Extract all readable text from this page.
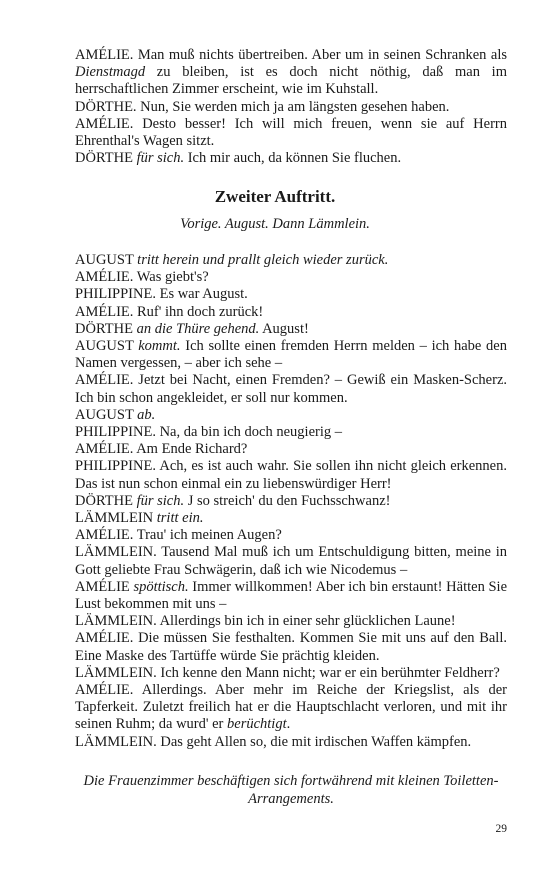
AMÉLIE. Man muß nichts übertreiben. Aber um in seinen Schranken als Dienstmagd zu bleiben, ist es doch nicht nöthig, daß man im herrschaftlichen Zimmer erscheint, wie im Kuhstall.

DÖRTHE. Nun, Sie werden mich ja am längsten gesehen haben.

AMÉLIE. Desto besser! Ich will mich freuen, wenn sie auf Herrn Ehrenthal's Wagen sitzt.

DÖRTHE für sich. Ich mir auch, da können Sie fluchen.

Zweiter Auftritt.

Vorige. August. Dann Lämmlein.

AUGUST tritt herein und prallt gleich wieder zurück.

AMÉLIE. Was giebt's?

PHILIPPINE. Es war August.

AMÉLIE. Ruf' ihn doch zurück!

DÖRTHE an die Thüre gehend. August!

AUGUST kommt. Ich sollte einen fremden Herrn melden – ich habe den Namen vergessen, – aber ich sehe –

AMÉLIE. Jetzt bei Nacht, einen Fremden? – Gewiß ein Masken-Scherz. Ich bin schon angekleidet, er soll nur kommen.

AUGUST ab.

PHILIPPINE. Na, da bin ich doch neugierig –

AMÉLIE. Am Ende Richard?

PHILIPPINE. Ach, es ist auch wahr. Sie sollen ihn nicht gleich erkennen. Das ist nun schon einmal ein zu liebenswürdiger Herr!

DÖRTHE für sich. J so streich' du den Fuchsschwanz!

LÄMMLEIN tritt ein.

AMÉLIE. Trau' ich meinen Augen?

LÄMMLEIN. Tausend Mal muß ich um Entschuldigung bitten, meine in Gott geliebte Frau Schwägerin, daß ich wie Nicodemus –

AMÉLIE spöttisch. Immer willkommen! Aber ich bin erstaunt! Hätten Sie Lust bekommen mit uns –

LÄMMLEIN. Allerdings bin ich in einer sehr glücklichen Laune!

AMÉLIE. Die müssen Sie festhalten. Kommen Sie mit uns auf den Ball. Eine Maske des Tartüffe würde Sie prächtig kleiden.

LÄMMLEIN. Ich kenne den Mann nicht; war er ein berühmter Feldherr?

AMÉLIE. Allerdings. Aber mehr im Reiche der Kriegslist, als der Tapferkeit. Zuletzt freilich hat er die Hauptschlacht verloren, und mit ihr seinen Ruhm; da wurd' er berüchtigt.

LÄMMLEIN. Das geht Allen so, die mit irdischen Waffen kämpfen.

Die Frauenzimmer beschäftigen sich fortwährend mit kleinen Toiletten-Arrangements.

29
